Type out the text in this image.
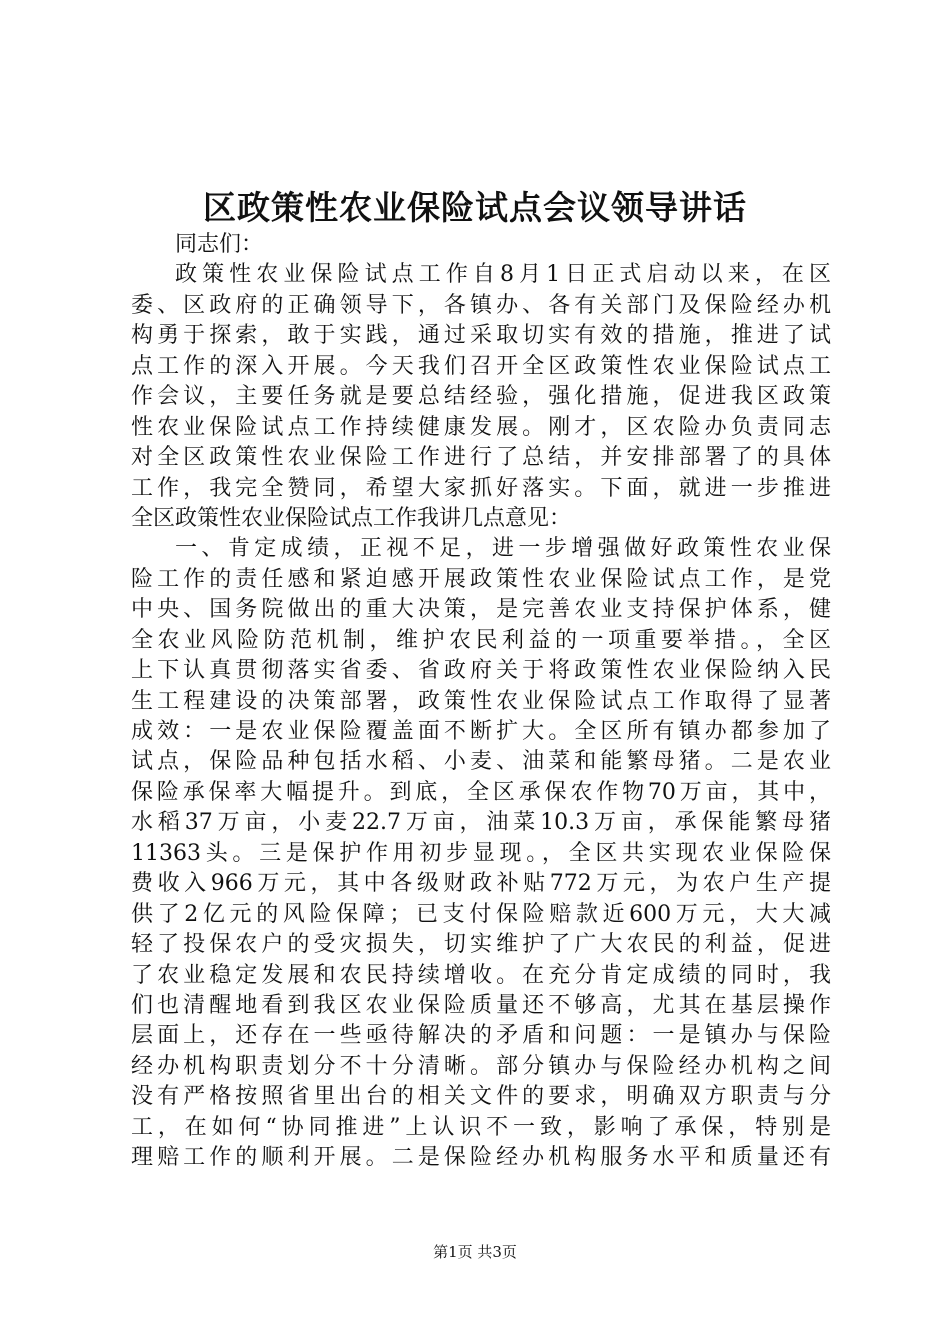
区政策性农业保险试点会议领导讲话
同志们：
政策性农业保险试点工作自8月1日正式启动以来，在区
委、区政府的正确领导下，各镇办、各有关部门及保险经办机
构勇于探索，敢于实践，通过采取切实有效的措施，推进了试
点工作的深入开展。今天我们召开全区政策性农业保险试点工
作会议，主要任务就是要总结经验，强化措施，促进我区政策
性农业保险试点工作持续健康发展。刚才，区农险办负责同志
对全区政策性农业保险工作进行了总结，并安排部署了的具体
工作，我完全赞同，希望大家抓好落实。下面，就进一步推进
全区政策性农业保险试点工作我讲几点意见：
一、肯定成绩，正视不足，进一步增强做好政策性农业保
险工作的责任感和紧迫感开展政策性农业保险试点工作，是党
中央、国务院做出的重大决策，是完善农业支持保护体系，健
全农业风险防范机制，维护农民利益的一项重要举措。，全区
上下认真贯彻落实省委、省政府关于将政策性农业保险纳入民
生工程建设的决策部署，政策性农业保险试点工作取得了显著
成效：一是农业保险覆盖面不断扩大。全区所有镇办都参加了
试点，保险品种包括水稻、小麦、油菜和能繁母猪。二是农业
保险承保率大幅提升。到底，全区承保农作物70万亩，其中，
水稻37万亩，小麦22.7万亩，油菜10.3万亩，承保能繁母猪
11363头。三是保护作用初步显现。，全区共实现农业保险保
费收入966万元，其中各级财政补贴772万元，为农户生产提
供了2亿元的风险保障；已支付保险赔款近600万元，大大减
轻了投保农户的受灾损失，切实维护了广大农民的利益，促进
了农业稳定发展和农民持续增收。在充分肯定成绩的同时，我
们也清醒地看到我区农业保险质量还不够高，尤其在基层操作
层面上，还存在一些亟待解决的矛盾和问题：一是镇办与保险
经办机构职责划分不十分清晰。部分镇办与保险经办机构之间
没有严格按照省里出台的相关文件的要求，明确双方职责与分
工，在如何“协同推进”上认识不一致，影响了承保，特别是
理赔工作的顺利开展。二是保险经办机构服务水平和质量还有
第1页 共3页
